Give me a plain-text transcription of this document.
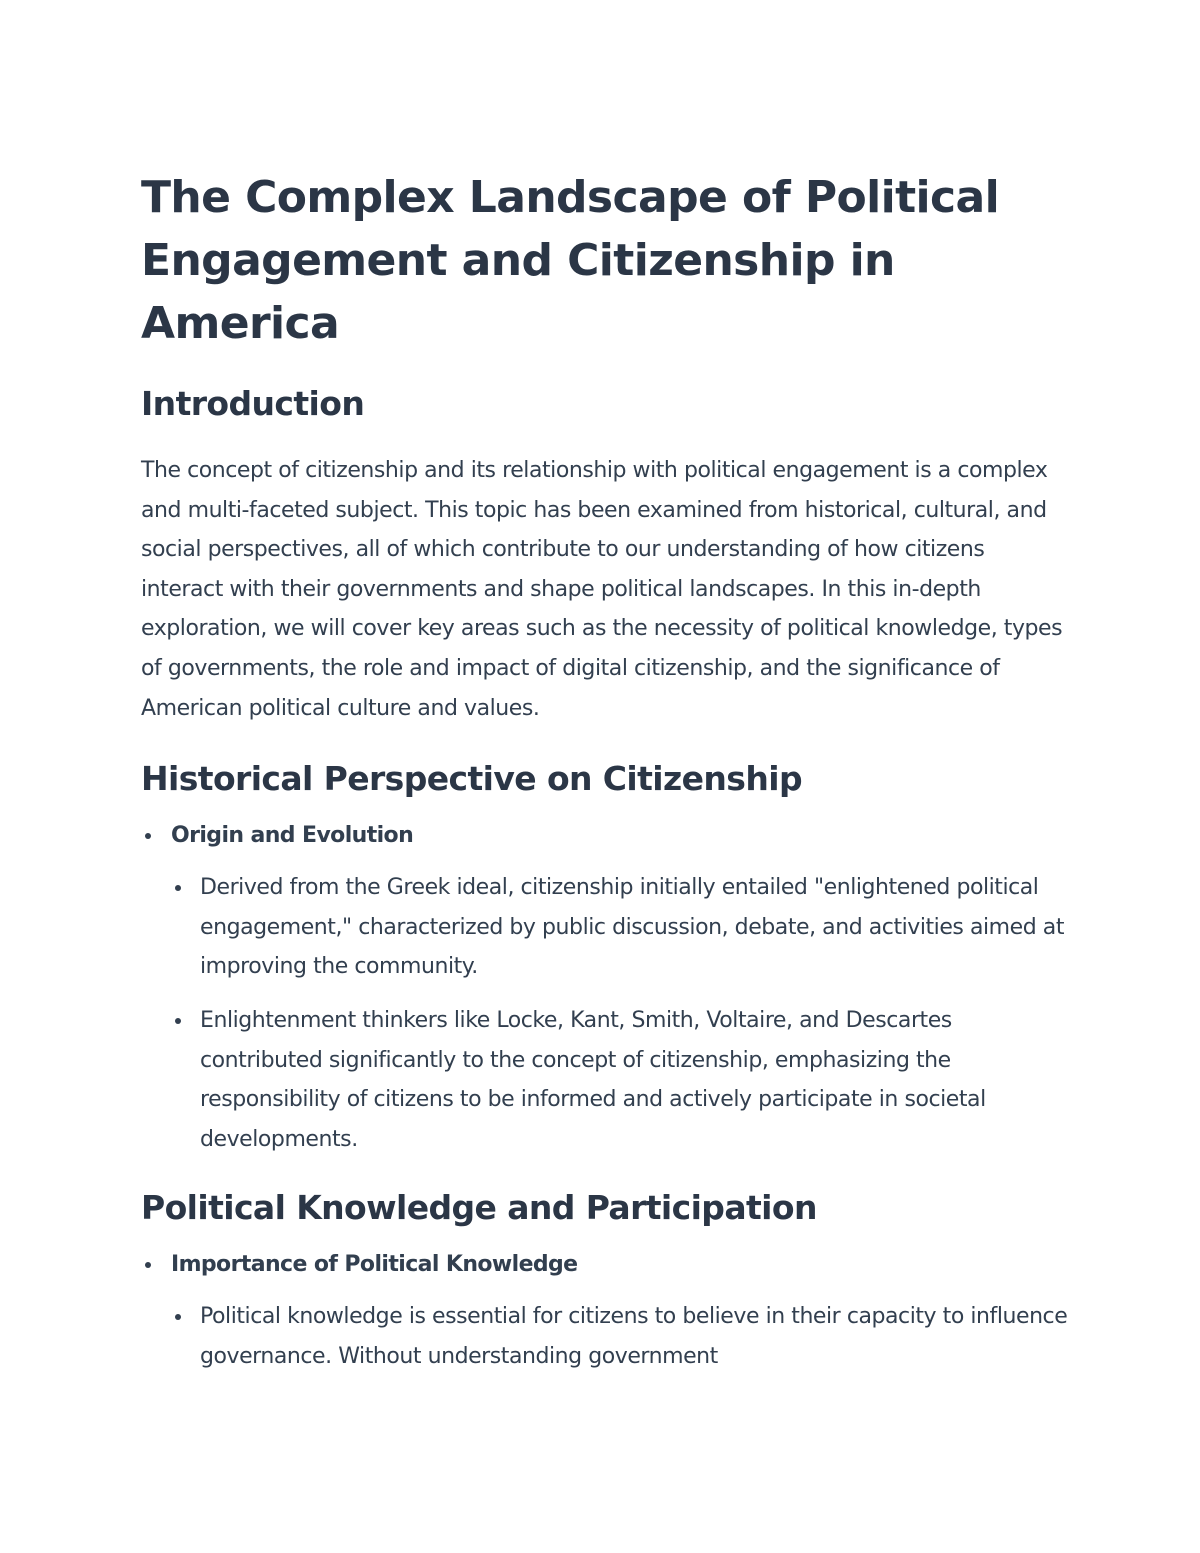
The Complex Landscape of Political Engagement and Citizenship in America
Introduction

The concept of citizenship and its relationship with political engagement is a complex and multi-faceted subject. This topic has been examined from historical, cultural, and social perspectives, all of which contribute to our understanding of how citizens interact with their governments and shape political landscapes. In this in-depth exploration, we will cover key areas such as the necessity of political knowledge, types of governments, the role and impact of digital citizenship, and the significance of American political culture and values.

Historical Perspective on Citizenship
Origin and Evolution
Derived from the Greek ideal, citizenship initially entailed "enlightened political engagement," characterized by public discussion, debate, and activities aimed at improving the community.
Enlightenment thinkers like Locke, Kant, Smith, Voltaire, and Descartes contributed significantly to the concept of citizenship, emphasizing the responsibility of citizens to be informed and actively participate in societal developments.
Political Knowledge and Participation
Importance of Political Knowledge
Political knowledge is essential for citizens to believe in their capacity to influence governance. Without understanding government
